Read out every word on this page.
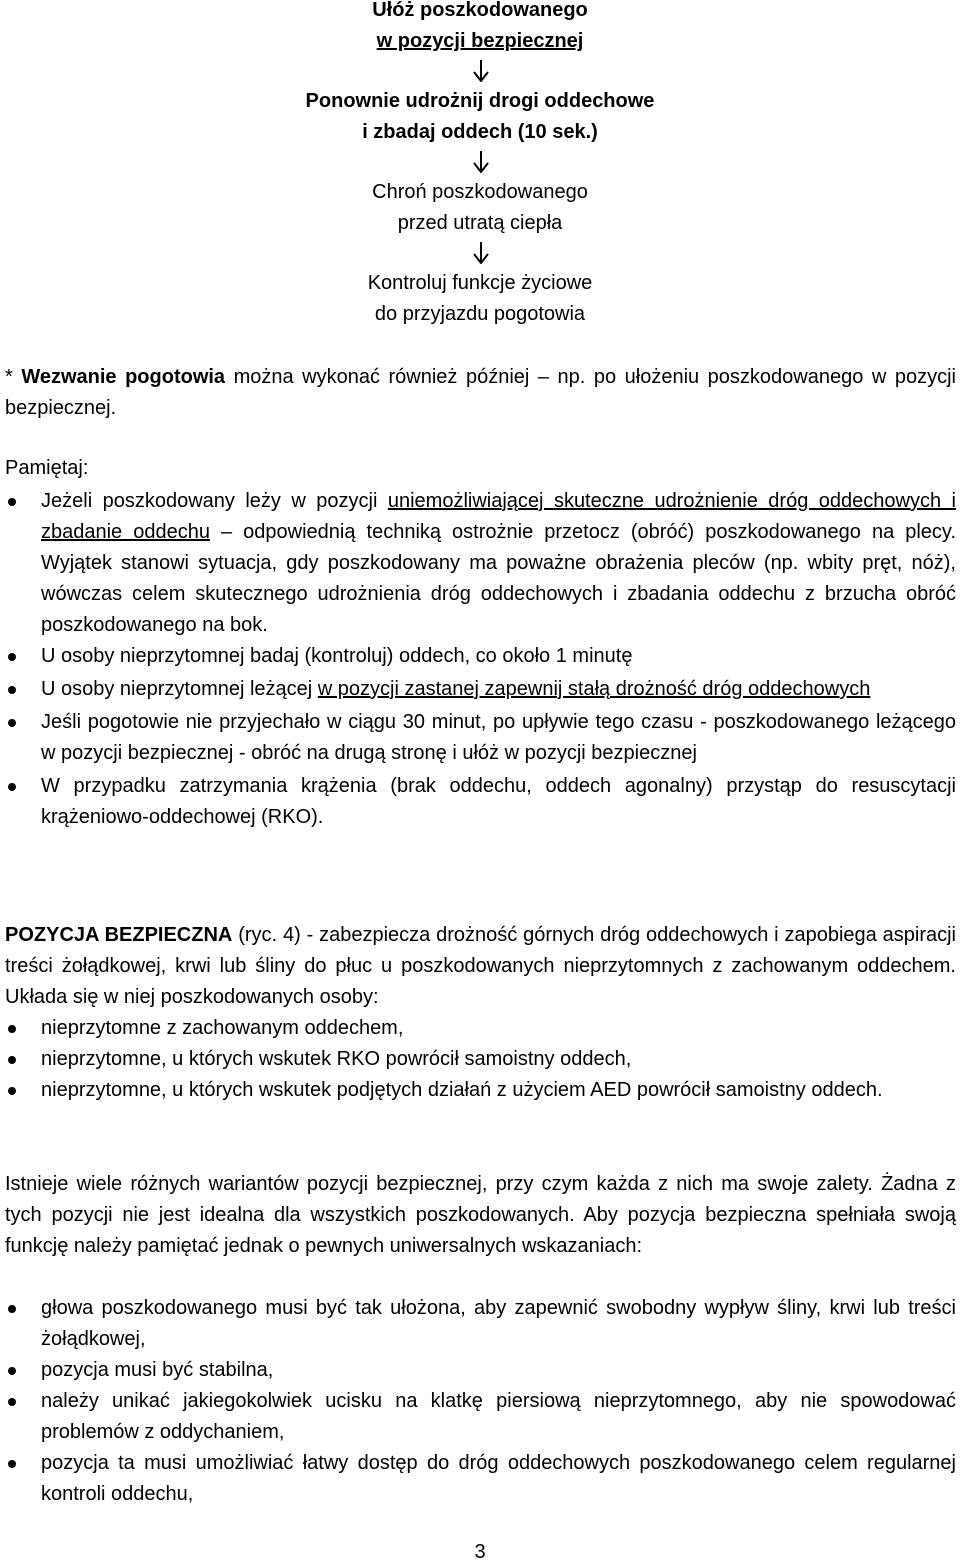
Ułóż poszkodowanego
w pozycji bezpiecznej
Ponownie udrożnij drogi oddechowe
i zbadaj oddech (10 sek.)
Chroń poszkodowanego
przed utratą ciepła
Kontroluj funkcje życiowe
do przyjazdu pogotowia
* Wezwanie pogotowia można wykonać również później – np. po ułożeniu poszkodowanego w pozycji bezpiecznej.
Pamiętaj:
Jeżeli poszkodowany leży w pozycji uniemożliwiającej skuteczne udrożnienie dróg oddechowych i zbadanie oddechu – odpowiednią techniką ostrożnie przetocz (obróć) poszkodowanego na plecy. Wyjątek stanowi sytuacja, gdy poszkodowany ma poważne obrażenia pleców (np. wbity pręt, nóż), wówczas celem skutecznego udrożnienia dróg oddechowych i zbadania oddechu z brzucha obróć poszkodowanego na bok.
U osoby nieprzytomnej badaj (kontroluj) oddech, co około 1 minutę
U osoby nieprzytomnej leżącej w pozycji zastanej zapewnij stałą drożność dróg oddechowych
Jeśli pogotowie nie przyjechało w ciągu 30 minut, po upływie tego czasu - poszkodowanego leżącego w pozycji bezpiecznej - obróć na drugą stronę i ułóż w pozycji bezpiecznej
W przypadku zatrzymania krążenia (brak oddechu, oddech agonalny) przystąp do resuscytacji krążeniowo-oddechowej (RKO).
POZYCJA BEZPIECZNA (ryc. 4) - zabezpiecza drożność górnych dróg oddechowych i zapobiega aspiracji treści żołądkowej, krwi lub śliny do płuc u poszkodowanych nieprzytomnych z zachowanym oddechem. Układa się w niej poszkodowanych osoby:
nieprzytomne z zachowanym oddechem,
nieprzytomne, u których wskutek RKO powrócił samoistny oddech,
nieprzytomne, u których wskutek podjętych działań z użyciem AED powrócił samoistny oddech.
Istnieje wiele różnych wariantów pozycji bezpiecznej, przy czym każda z nich ma swoje zalety. Żadna z tych pozycji nie jest idealna dla wszystkich poszkodowanych. Aby pozycja bezpieczna spełniała swoją funkcję należy pamiętać jednak o pewnych uniwersalnych wskazaniach:
głowa poszkodowanego musi być tak ułożona, aby zapewnić swobodny wypływ śliny, krwi lub treści żołądkowej,
pozycja musi być stabilna,
należy unikać jakiegokolwiek ucisku na klatkę piersiową nieprzytomnego, aby nie spowodować problemów z oddychaniem,
pozycja ta musi umożliwiać łatwy dostęp do dróg oddechowych poszkodowanego celem regularnej kontroli oddechu,
3
